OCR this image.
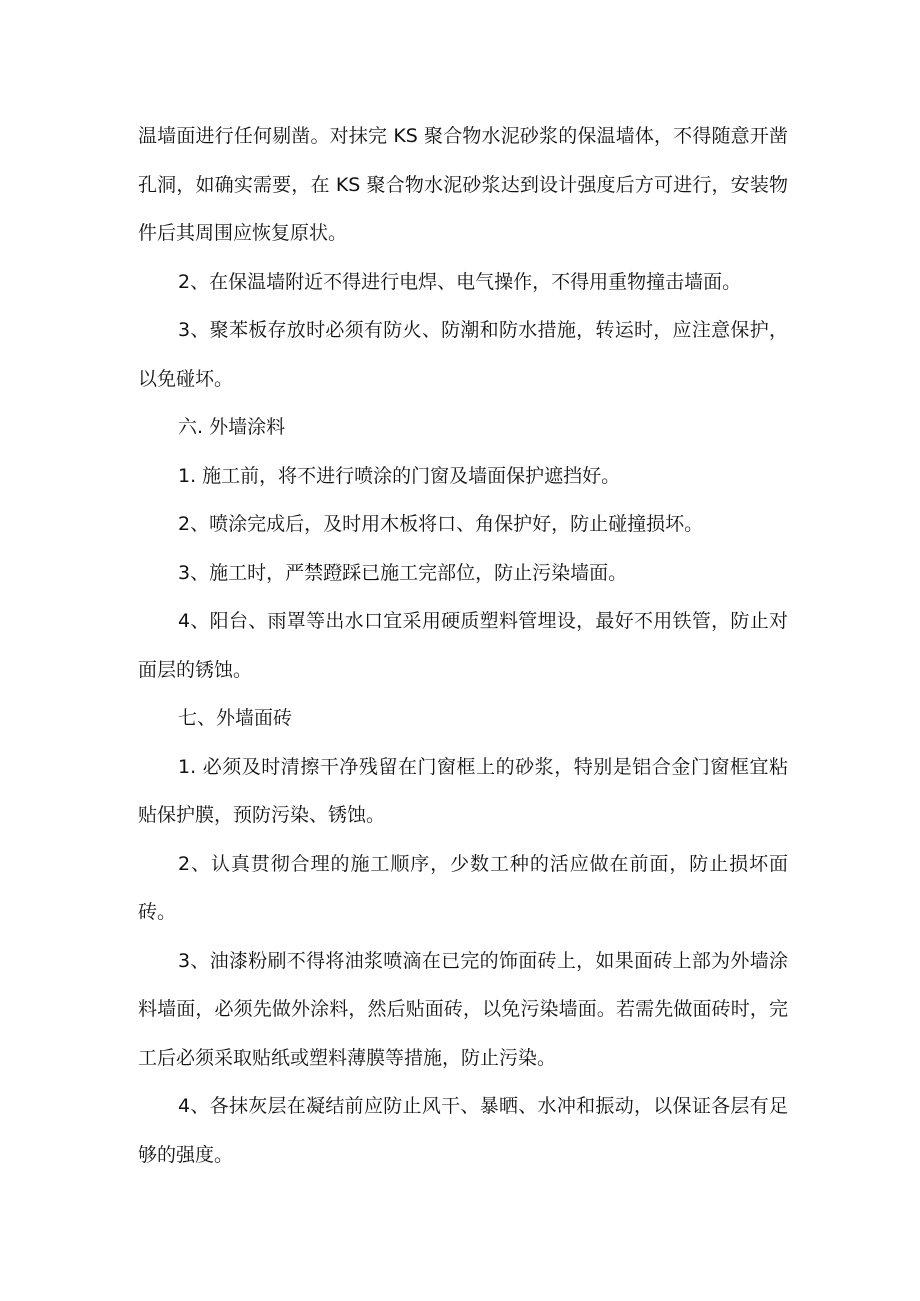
温墙面进行任何剔凿。对抹完 KS 聚合物水泥砂浆的保温墙体，不得随意开凿孔洞，如确实需要，在 KS 聚合物水泥砂浆达到设计强度后方可进行，安装物件后其周围应恢复原状。

2、在保温墙附近不得进行电焊、电气操作，不得用重物撞击墙面。

3、聚苯板存放时必须有防火、防潮和防水措施，转运时，应注意保护，以免碰坏。

六. 外墙涂料

1. 施工前，将不进行喷涂的门窗及墙面保护遮挡好。

2、喷涂完成后，及时用木板将口、角保护好，防止碰撞损坏。

3、施工时，严禁蹬踩已施工完部位，防止污染墙面。

4、阳台、雨罩等出水口宜采用硬质塑料管埋设，最好不用铁管，防止对面层的锈蚀。

七、外墙面砖

1. 必须及时清擦干净残留在门窗框上的砂浆，特别是铝合金门窗框宜粘贴保护膜，预防污染、锈蚀。

2、认真贯彻合理的施工顺序，少数工种的活应做在前面，防止损坏面砖。

3、油漆粉刷不得将油浆喷滴在已完的饰面砖上，如果面砖上部为外墙涂料墙面，必须先做外涂料，然后贴面砖，以免污染墙面。若需先做面砖时，完工后必须采取贴纸或塑料薄膜等措施，防止污染。

4、各抹灰层在凝结前应防止风干、暴晒、水冲和振动，以保证各层有足够的强度。
